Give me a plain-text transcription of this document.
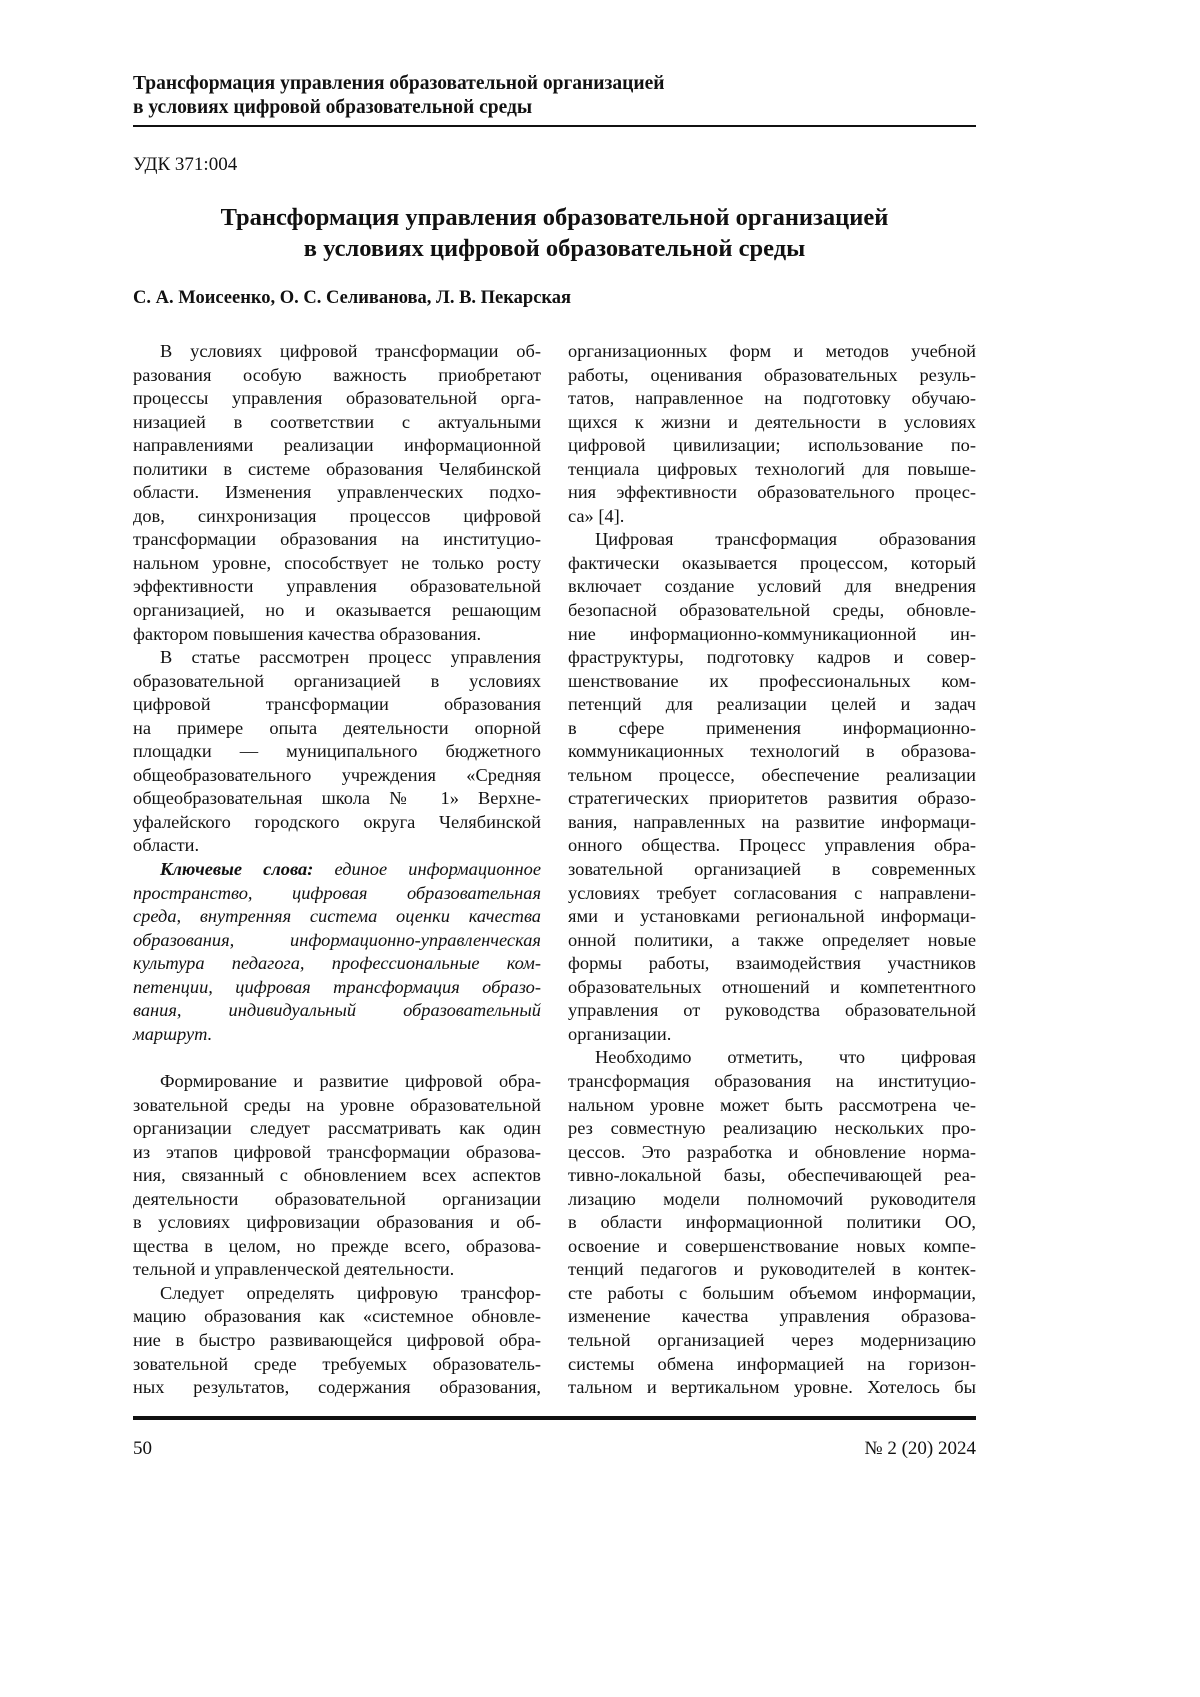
Трансформация управления образовательной организацией
в условиях цифровой образовательной среды
УДК 371:004
Трансформация управления образовательной организацией
в условиях цифровой образовательной среды
С. А. Моисеенко, О. С. Селиванова, Л. В. Пекарская
В условиях цифровой трансформации об-
разования особую важность приобретают
процессы управления образовательной орга-
низацией в соответствии с актуальными
направлениями реализации информационной
политики в системе образования Челябинской
области. Изменения управленческих подхо-
дов, синхронизация процессов цифровой
трансформации образования на институцио-
нальном уровне, способствует не только росту
эффективности управления образовательной
организацией, но и оказывается решающим
фактором повышения качества образования.
В статье рассмотрен процесс управления
образовательной организацией в условиях
цифровой трансформации образования
на примере опыта деятельности опорной
площадки — муниципального бюджетного
общеобразовательного учреждения «Средняя
общеобразовательная школа № 1» Верхне-
уфалейского городского округа Челябинской
области.
Ключевые слова: единое информационное
пространство, цифровая образовательная
среда, внутренняя система оценки качества
образования, информационно-управленческая
культура педагога, профессиональные ком-
петенции, цифровая трансформация образо-
вания, индивидуальный образовательный
маршрут.
Формирование и развитие цифровой обра-
зовательной среды на уровне образовательной
организации следует рассматривать как один
из этапов цифровой трансформации образова-
ния, связанный с обновлением всех аспектов
деятельности образовательной организации
в условиях цифровизации образования и об-
щества в целом, но прежде всего, образова-
тельной и управленческой деятельности.
Следует определять цифровую трансфор-
мацию образования как «системное обновле-
ние в быстро развивающейся цифровой обра-
зовательной среде требуемых образователь-
ных результатов, содержания образования,
организационных форм и методов учебной
работы, оценивания образовательных резуль-
татов, направленное на подготовку обучаю-
щихся к жизни и деятельности в условиях
цифровой цивилизации; использование по-
тенциала цифровых технологий для повыше-
ния эффективности образовательного процес-
са» [4].
Цифровая трансформация образования
фактически оказывается процессом, который
включает создание условий для внедрения
безопасной образовательной среды, обновле-
ние информационно-коммуникационной ин-
фраструктуры, подготовку кадров и совер-
шенствование их профессиональных ком-
петенций для реализации целей и задач
в сфере применения информационно-
коммуникационных технологий в образова-
тельном процессе, обеспечение реализации
стратегических приоритетов развития образо-
вания, направленных на развитие информаци-
онного общества. Процесс управления обра-
зовательной организацией в современных
условиях требует согласования с направлени-
ями и установками региональной информаци-
онной политики, а также определяет новые
формы работы, взаимодействия участников
образовательных отношений и компетентного
управления от руководства образовательной
организации.
Необходимо отметить, что цифровая
трансформация образования на институцио-
нальном уровне может быть рассмотрена че-
рез совместную реализацию нескольких про-
цессов. Это разработка и обновление норма-
тивно-локальной базы, обеспечивающей реа-
лизацию модели полномочий руководителя
в области информационной политики ОО,
освоение и совершенствование новых компе-
тенций педагогов и руководителей в контек-
сте работы с большим объемом информации,
изменение качества управления образова-
тельной организацией через модернизацию
системы обмена информацией на горизон-
тальном и вертикальном уровне. Хотелось бы
50	№ 2 (20) 2024
